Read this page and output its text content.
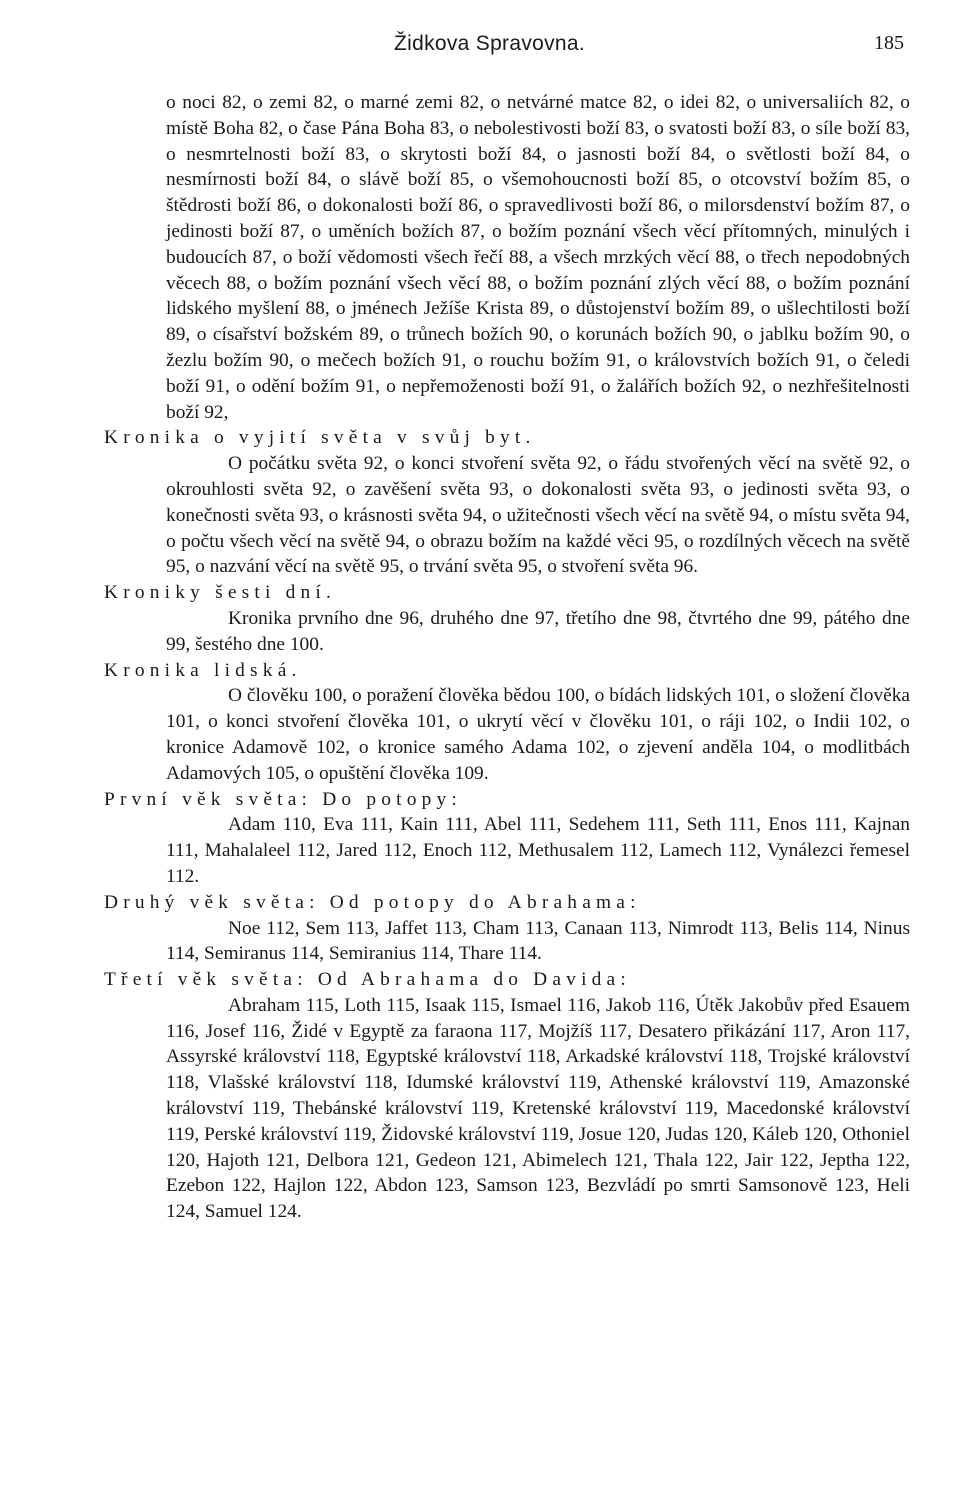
Židkova Spravovna.	185

o noci 82, o zemi 82, o marné zemi 82, o netvárné matce 82, o idei 82, o universaliích 82, o místě Boha 82, o čase Pána Boha 83, o nebolestivosti boží 83, o svatosti boží 83, o síle boží 83, o nesmrtelnosti boží 83, o skrytosti boží 84, o jasnosti boží 84, o světlosti boží 84, o nesmírnosti boží 84, o slávě boží 85, o všemohoucnosti boží 85, o otcovství božím 85, o štědrosti boží 86, o dokonalosti boží 86, o spravedlivosti boží 86, o milorsdenství božím 87, o jedinosti boží 87, o uměních božích 87, o božím poznání všech věcí přítomných, minulých i budoucích 87, o boží vědomosti všech řečí 88, a všech mrzkých věcí 88, o třech nepodobných věcech 88, o božím poznání všech věcí 88, o božím poznání zlých věcí 88, o božím poznání lidského myšlení 88, o jménech Ježíše Krista 89, o důstojenství božím 89, o ušlechtilosti boží 89, o císařství božském 89, o trůnech božích 90, o korunách božích 90, o jablku božím 90, o žezlu božím 90, o mečech božích 91, o rouchu božím 91, o královstvích božích 91, o čeledi boží 91, o odění božím 91, o nepřemoženosti boží 91, o žalářích božích 92, o nezhřešitelnosti boží 92,

Kronika o vyjití světa v svůj byt.

O počátku světa 92, o konci stvoření světa 92, o řádu stvořených věcí na světě 92, o okrouhlosti světa 92, o zavěšení světa 93, o dokonalosti světa 93, o jedinosti světa 93, o konečnosti světa 93, o krásnosti světa 94, o užitečnosti všech věcí na světě 94, o místu světa 94, o počtu všech věcí na světě 94, o obrazu božím na každé věci 95, o rozdílných věcech na světě 95, o nazvání věcí na světě 95, o trvání světa 95, o stvoření světa 96.

Kroniky šesti dní.

Kronika prvního dne 96, druhého dne 97, třetího dne 98, čtvrtého dne 99, pátého dne 99, šestého dne 100.

Kronika lidská.

O člověku 100, o poražení člověka bědou 100, o bídách lidských 101, o složení člověka 101, o konci stvoření člověka 101, o ukrytí věcí v člověku 101, o ráji 102, o Indii 102, o kronice Adamově 102, o kronice samého Adama 102, o zjevení anděla 104, o modlitbách Adamových 105, o opuštění člověka 109.

První věk světa: Do potopy:

Adam 110, Eva 111, Kain 111, Abel 111, Sedehem 111, Seth 111, Enos 111, Kajnan 111, Mahalaleel 112, Jared 112, Enoch 112, Methusalem 112, Lamech 112, Vynálezci řemesel 112.

Druhý věk světa: Od potopy do Abrahama:

Noe 112, Sem 113, Jaffet 113, Cham 113, Canaan 113, Nimrodt 113, Belis 114, Ninus 114, Semiranus 114, Semiranius 114, Thare 114.

Třetí věk světa: Od Abrahama do Davida:

Abraham 115, Loth 115, Isaak 115, Ismael 116, Jakob 116, Útěk Jakobův před Esauem 116, Josef 116, Židé v Egyptě za faraona 117, Mojžíš 117, Desatero přikázání 117, Aron 117, Assyrské království 118, Egyptské království 118, Arkadské království 118, Trojské království 118, Vlašské království 118, Idumské království 119, Athenské království 119, Amazonské království 119, Thebánské království 119, Kretenské království 119, Macedonské království 119, Perské království 119, Židovské království 119, Josue 120, Judas 120, Káleb 120, Othoniel 120, Hajoth 121, Delbora 121, Gedeon 121, Abimelech 121, Thala 122, Jair 122, Jeptha 122, Ezebon 122, Hajlon 122, Abdon 123, Samson 123, Bezvládí po smrti Samsonově 123, Heli 124, Samuel 124.
